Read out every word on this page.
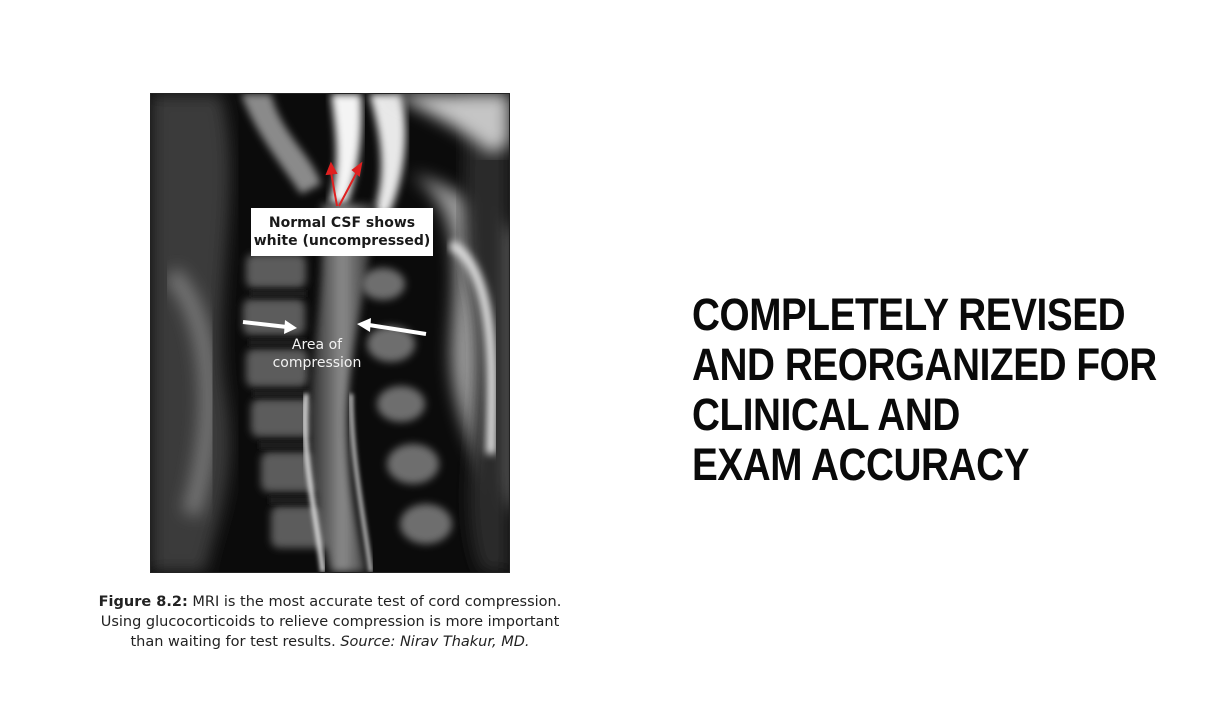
Normal CSF shows
white (uncompressed)
Area of
compression
Figure 8.2: MRI is the most accurate test of cord compression.
Using glucocorticoids to relieve compression is more important
than waiting for test results. Source: Nirav Thakur, MD.
COMPLETELY REVISED
AND REORGANIZED FOR
CLINICAL AND
EXAM ACCURACY
